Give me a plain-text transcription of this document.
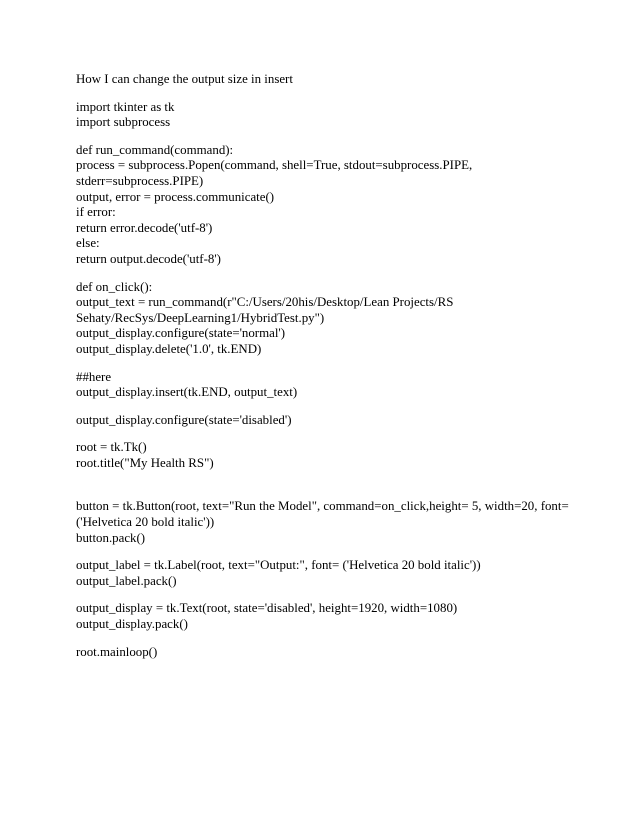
How I can change the output size in insert
import tkinter as tk
import subprocess
def run_command(command):
process = subprocess.Popen(command, shell=True, stdout=subprocess.PIPE,
stderr=subprocess.PIPE)
output, error = process.communicate()
if error:
return error.decode('utf-8')
else:
return output.decode('utf-8')
def on_click():
output_text = run_command(r"C:/Users/20his/Desktop/Lean Projects/RS
Sehaty/RecSys/DeepLearning1/HybridTest.py")
output_display.configure(state='normal')
output_display.delete('1.0', tk.END)
##here
output_display.insert(tk.END, output_text)
output_display.configure(state='disabled')
root = tk.Tk()
root.title("My Health RS")
button = tk.Button(root, text="Run the Model", command=on_click,height= 5, width=20, font=
('Helvetica 20 bold italic'))
button.pack()
output_label = tk.Label(root, text="Output:", font= ('Helvetica 20 bold italic'))
output_label.pack()
output_display = tk.Text(root, state='disabled', height=1920, width=1080)
output_display.pack()
root.mainloop()
